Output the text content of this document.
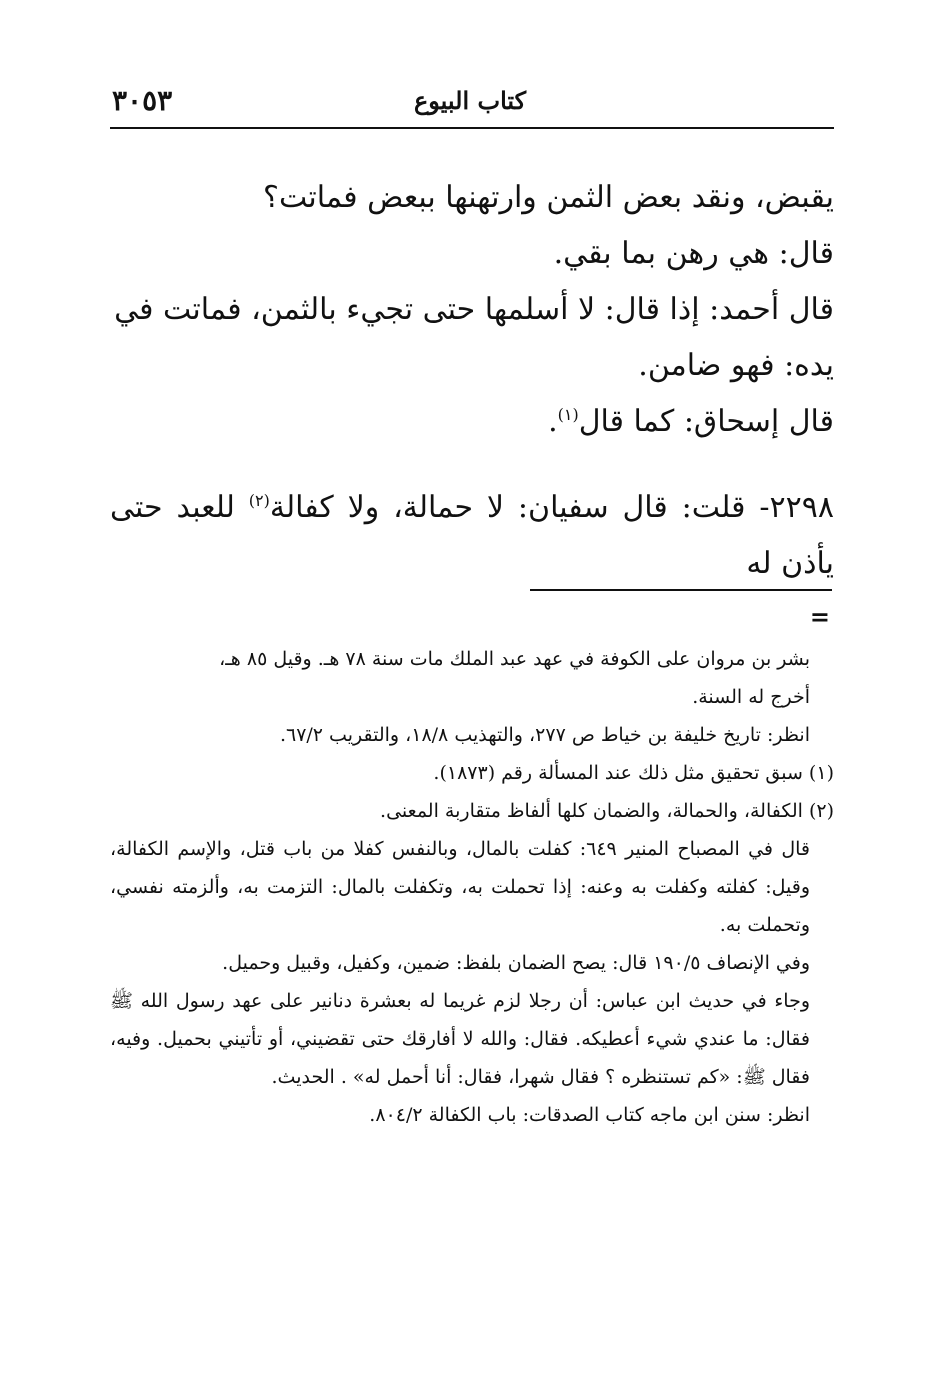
كتاب البيوع
٣٠٥٣

يقبض، ونقد بعض الثمن وارتهنها ببعض فماتت؟

قال: هي رهن بما بقي.

قال أحمد: إذا قال: لا أسلمها حتى تجيء بالثمن، فماتت في

يده: فهو ضامن.

قال إسحاق: كما قال$^{(١)}$.

٢٢٩٨- قلت: قال سفيان: لا حمالة، ولا كفالة$^{(٢)}$ للعبد حتى يأذن له

=

بشر بن مروان على الكوفة في عهد عبد الملك مات سنة ٧٨ هـ. وقيل ٨٥ هـ،

أخرج له السنة.

انظر: تاريخ خليفة بن خياط ص ٢٧٧، والتهذيب ١٨/٨، والتقريب ٦٧/٢.

(١) سبق تحقيق مثل ذلك عند المسألة رقم (١٨٧٣).

(٢) الكفالة، والحمالة، والضمان كلها ألفاظ متقاربة المعنى.

قال في المصباح المنير ٦٤٩: كفلت بالمال، وبالنفس كفلا من باب قتل، والإسم الكفالة، وقيل: كفلته وكفلت به وعنه: إذا تحملت به، وتكفلت بالمال: التزمت به، وألزمته نفسي، وتحملت به.

وفي الإنصاف ١٩٠/٥ قال: يصح الضمان بلفظ: ضمين، وكفيل، وقبيل وحميل.

وجاء في حديث ابن عباس: أن رجلا لزم غريما له بعشرة دنانير على عهد رسول الله ﷺ فقال: ما عندي شيء أعطيكه. فقال: والله لا أفارقك حتى تقضيني، أو تأتيني بحميل. وفيه، فقال ﷺ: «كم تستنظره ؟ فقال شهرا، فقال: أنا أحمل له» . الحديث.

انظر: سنن ابن ماجه كتاب الصدقات: باب الكفالة ٨٠٤/٢.
